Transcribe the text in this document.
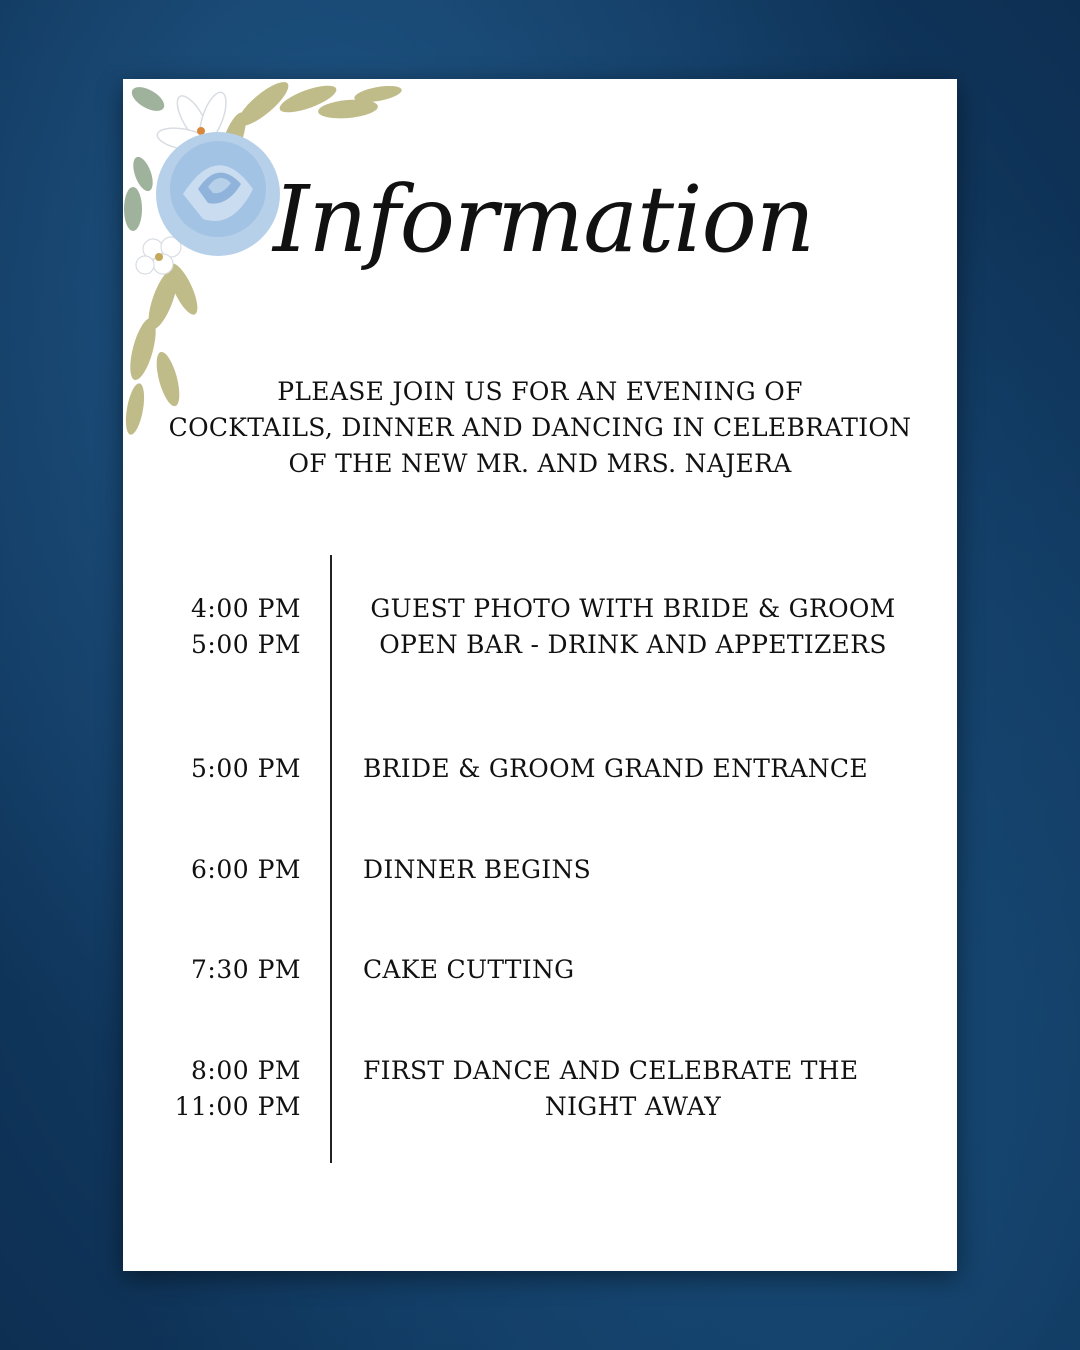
Information
PLEASE JOIN US FOR AN EVENING OF
COCKTAILS, DINNER AND DANCING IN CELEBRATION
OF THE NEW MR. AND MRS. NAJERA
4:00 PM
5:00 PM
GUEST PHOTO WITH BRIDE & GROOM
OPEN BAR - DRINK AND APPETIZERS
5:00 PM BRIDE & GROOM GRAND ENTRANCE
6:00 PM DINNER BEGINS
7:30 PM CAKE CUTTING
8:00 PM
11:00 PM
FIRST DANCE AND CELEBRATE THE
NIGHT AWAY
